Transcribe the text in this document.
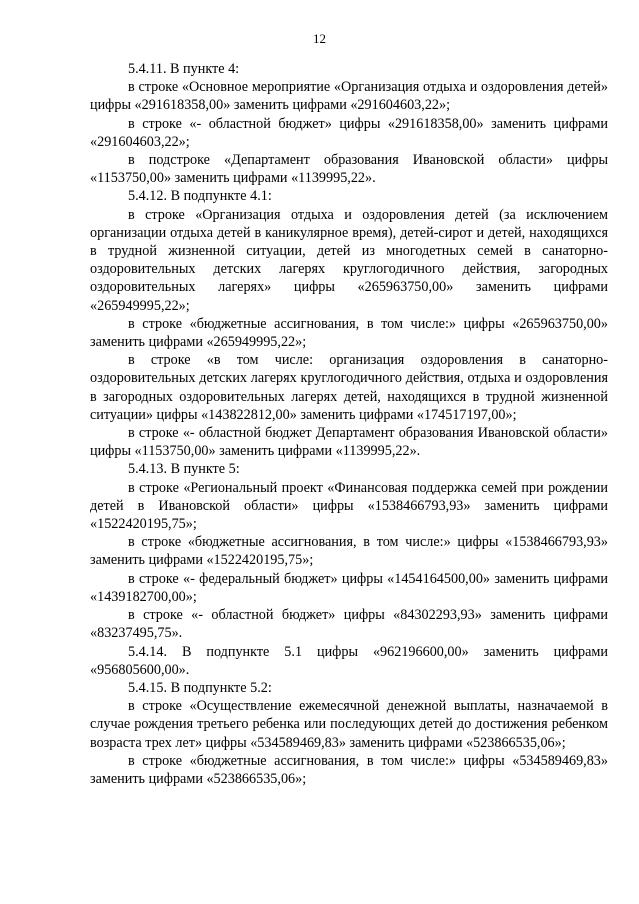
12

5.4.11. В пункте 4:

в строке «Основное мероприятие «Организация отдыха и оздоровления детей» цифры «291618358,00» заменить цифрами «291604603,22»;

в строке «- областной бюджет» цифры «291618358,00» заменить цифрами «291604603,22»;

в подстроке «Департамент образования Ивановской области» цифры «1153750,00» заменить цифрами «1139995,22».

5.4.12. В подпункте 4.1:

в строке «Организация отдыха и оздоровления детей (за исключением организации отдыха детей в каникулярное время), детей-сирот и детей, находящихся в трудной жизненной ситуации, детей из многодетных семей в санаторно-оздоровительных детских лагерях круглогодичного действия, загородных оздоровительных лагерях» цифры «265963750,00» заменить цифрами «265949995,22»;

в строке «бюджетные ассигнования, в том числе:» цифры «265963750,00» заменить цифрами «265949995,22»;

в строке «в том числе: организация оздоровления в санаторно-оздоровительных детских лагерях круглогодичного действия, отдыха и оздоровления в загородных оздоровительных лагерях детей, находящихся в трудной жизненной ситуации» цифры «143822812,00» заменить цифрами «174517197,00»;

в строке «- областной бюджет Департамент образования Ивановской области» цифры «1153750,00» заменить цифрами «1139995,22».

5.4.13. В пункте 5:

в строке «Региональный проект «Финансовая поддержка семей при рождении детей в Ивановской области» цифры «1538466793,93» заменить цифрами «1522420195,75»;

в строке «бюджетные ассигнования, в том числе:» цифры «1538466793,93» заменить цифрами «1522420195,75»;

в строке «- федеральный бюджет» цифры «1454164500,00» заменить цифрами «1439182700,00»;

в строке «- областной бюджет» цифры «84302293,93» заменить цифрами «83237495,75».

5.4.14. В подпункте 5.1 цифры «962196600,00» заменить цифрами «956805600,00».

5.4.15. В подпункте 5.2:

в строке «Осуществление ежемесячной денежной выплаты, назначаемой в случае рождения третьего ребенка или последующих детей до достижения ребенком возраста трех лет» цифры «534589469,83» заменить цифрами «523866535,06»;

в строке «бюджетные ассигнования, в том числе:» цифры «534589469,83» заменить цифрами «523866535,06»;
